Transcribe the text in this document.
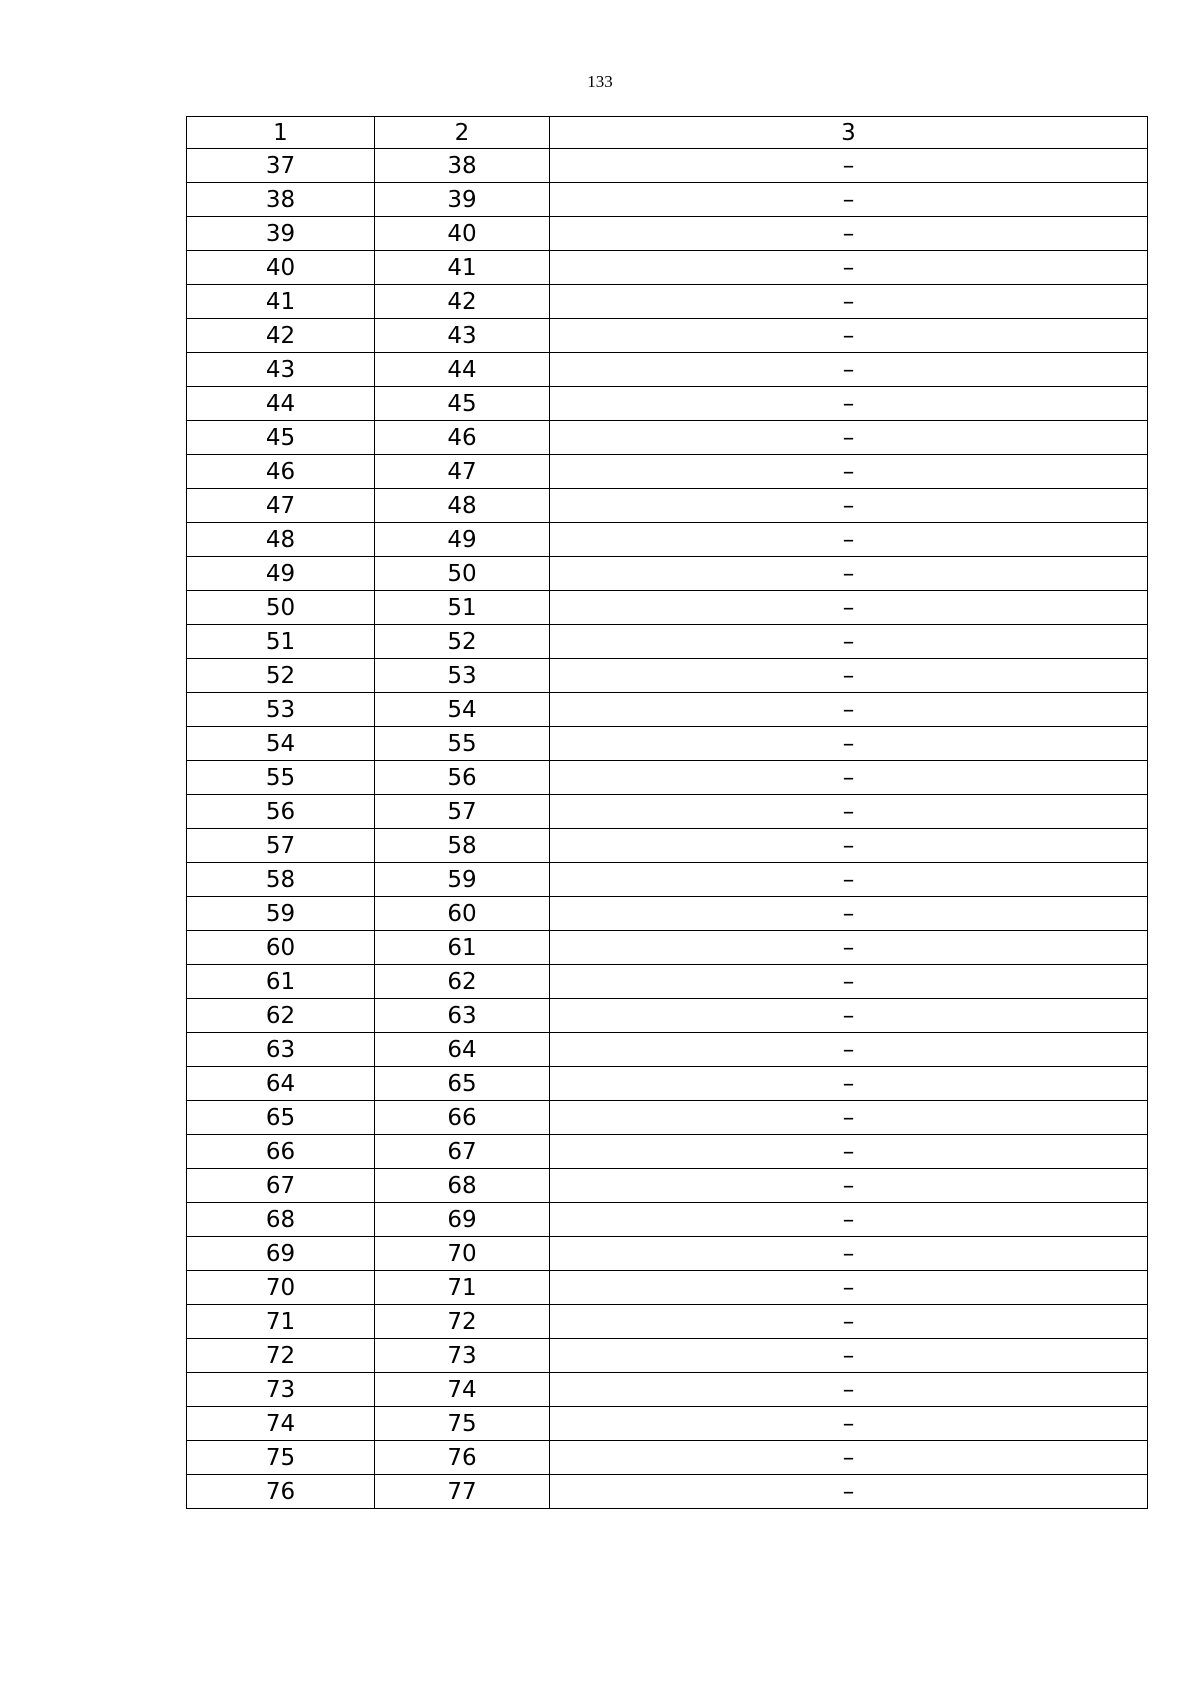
133
1	2	3
37	38	–
38	39	–
39	40	–
40	41	–
41	42	–
42	43	–
43	44	–
44	45	–
45	46	–
46	47	–
47	48	–
48	49	–
49	50	–
50	51	–
51	52	–
52	53	–
53	54	–
54	55	–
55	56	–
56	57	–
57	58	–
58	59	–
59	60	–
60	61	–
61	62	–
62	63	–
63	64	–
64	65	–
65	66	–
66	67	–
67	68	–
68	69	–
69	70	–
70	71	–
71	72	–
72	73	–
73	74	–
74	75	–
75	76	–
76	77	–
